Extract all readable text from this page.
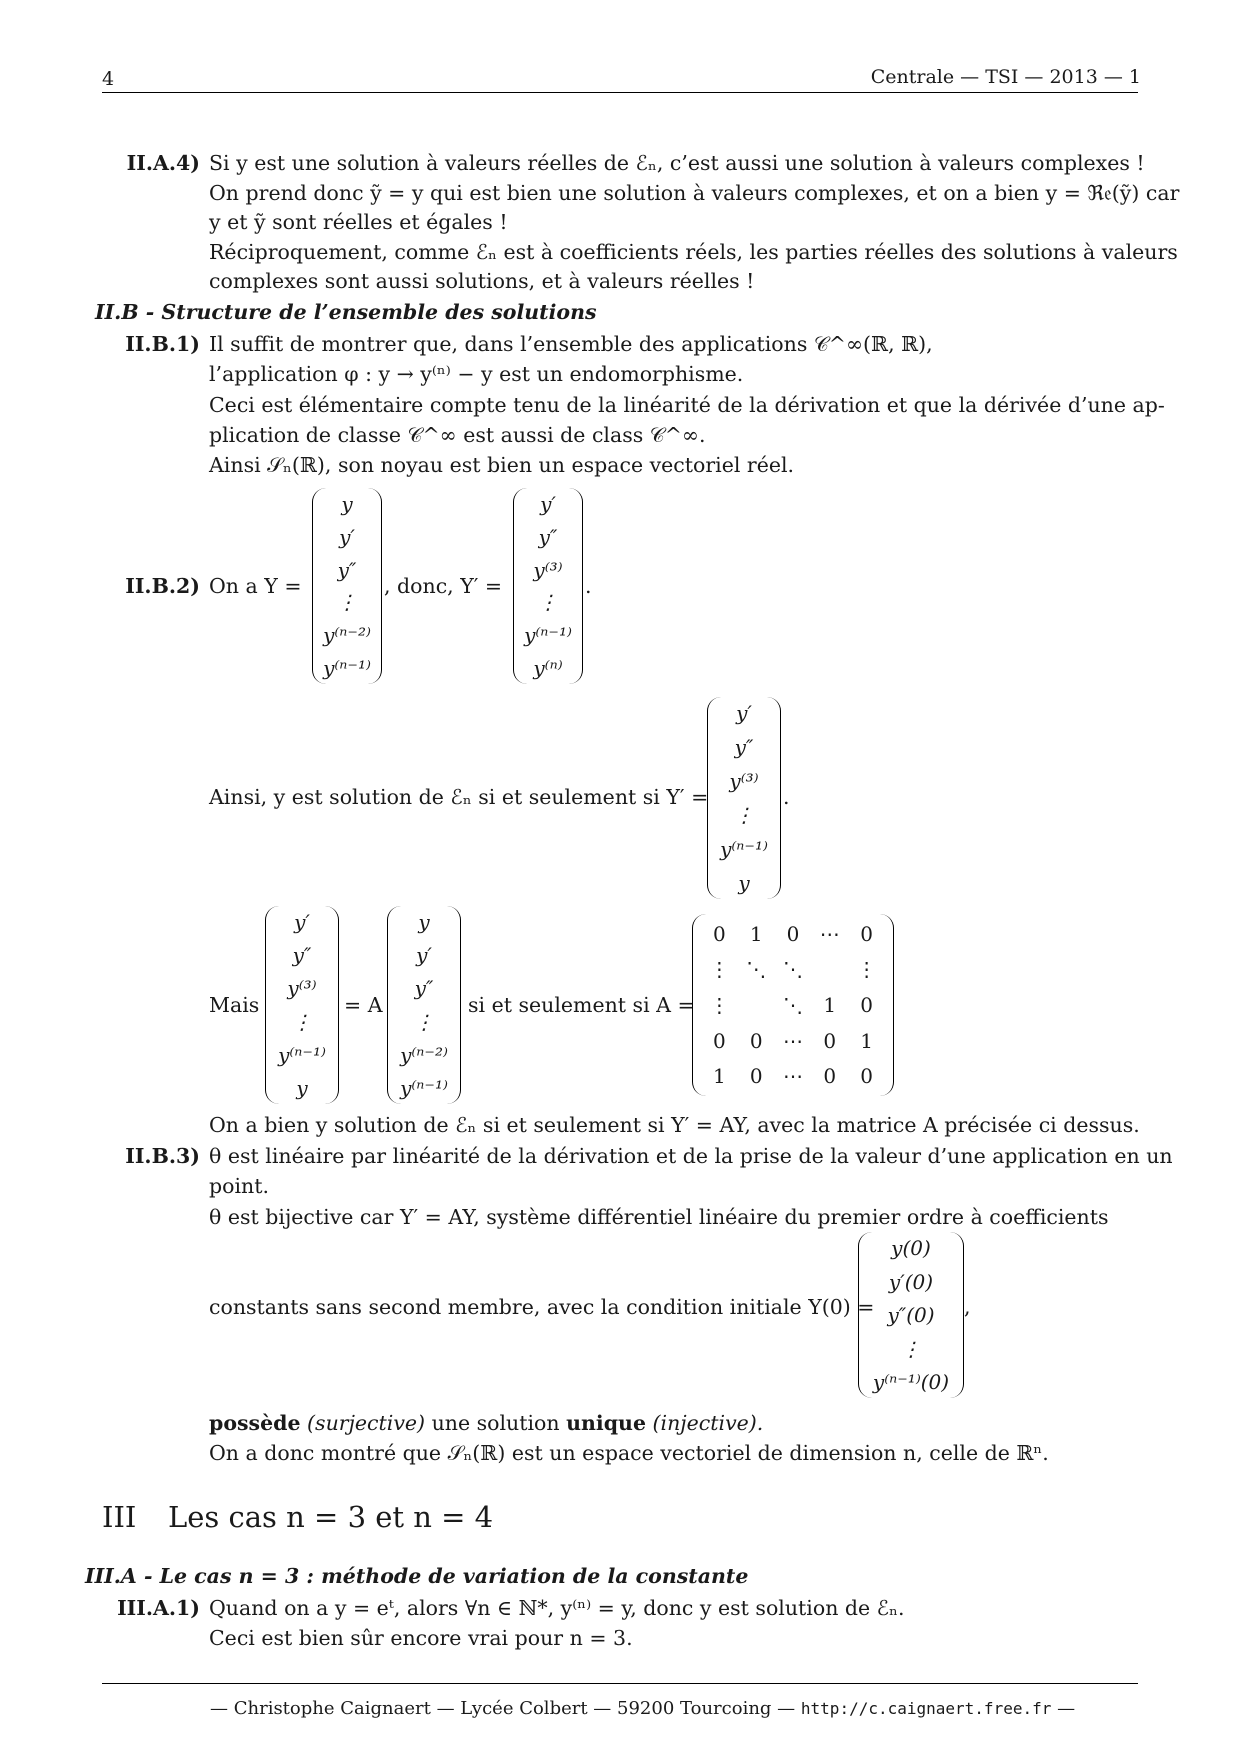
4	Centrale — TSI — 2013 — 1
II.A.4) Si y est une solution à valeurs réelles de ℰₙ, c’est aussi une solution à valeurs complexes !
On prend donc ỹ = y qui est bien une solution à valeurs complexes, et on a bien y = ℜ𝔢(ỹ) car
y et ỹ sont réelles et égales !
Réciproquement, comme ℰₙ est à coefficients réels, les parties réelles des solutions à valeurs
complexes sont aussi solutions, et à valeurs réelles !
II.B - Structure de l’ensemble des solutions
II.B.1) Il suffit de montrer que, dans l’ensemble des applications 𝒞^∞(ℝ, ℝ),
l’application φ : y → y⁽ⁿ⁾ − y est un endomorphisme.
Ceci est élémentaire compte tenu de la linéarité de la dérivation et que la dérivée d’une ap-
plication de classe 𝒞^∞ est aussi de class 𝒞^∞.
Ainsi 𝒮ₙ(ℝ), son noyau est bien un espace vectoriel réel.
II.B.2) On a Y =
y
y′
y″
⋮
y⁽ⁿ⁻²⁾
y⁽ⁿ⁻¹⁾
, donc, Y′ =
y′
y″
y⁽³⁾
⋮
y⁽ⁿ⁻¹⁾
y⁽ⁿ⁾
.
Ainsi, y est solution de ℰₙ si et seulement si Y′ =
y′
y″
y⁽³⁾
⋮
y⁽ⁿ⁻¹⁾
y
.
Mais
y′
y″
y⁽³⁾
⋮
y⁽ⁿ⁻¹⁾
y
= A
y
y′
y″
⋮
y⁽ⁿ⁻²⁾
y⁽ⁿ⁻¹⁾
si et seulement si A =
0 1 0 ⋯ 0
⋮ ⋱ ⋱	⋮
⋮	⋱ 1 0
0 0 ⋯ 0 1
1 0 ⋯ 0 0
On a bien y solution de ℰₙ si et seulement si Y′ = AY, avec la matrice A précisée ci dessus.
II.B.3) θ est linéaire par linéarité de la dérivation et de la prise de la valeur d’une application en un
point.
θ est bijective car Y′ = AY, système différentiel linéaire du premier ordre à coefficients
constants sans second membre, avec la condition initiale Y(0) =
y(0)
y′(0)
y″(0)
⋮
y⁽ⁿ⁻¹⁾(0)
,
possède (surjective) une solution unique (injective).
On a donc montré que 𝒮ₙ(ℝ) est un espace vectoriel de dimension n, celle de ℝⁿ.
III Les cas n = 3 et n = 4
III.A - Le cas n = 3 : méthode de variation de la constante
III.A.1) Quand on a y = eᵗ, alors ∀n ∈ ℕ*, y⁽ⁿ⁾ = y, donc y est solution de ℰₙ.
Ceci est bien sûr encore vrai pour n = 3.
— Christophe Caignaert — Lycée Colbert — 59200 Tourcoing — http://c.caignaert.free.fr —
